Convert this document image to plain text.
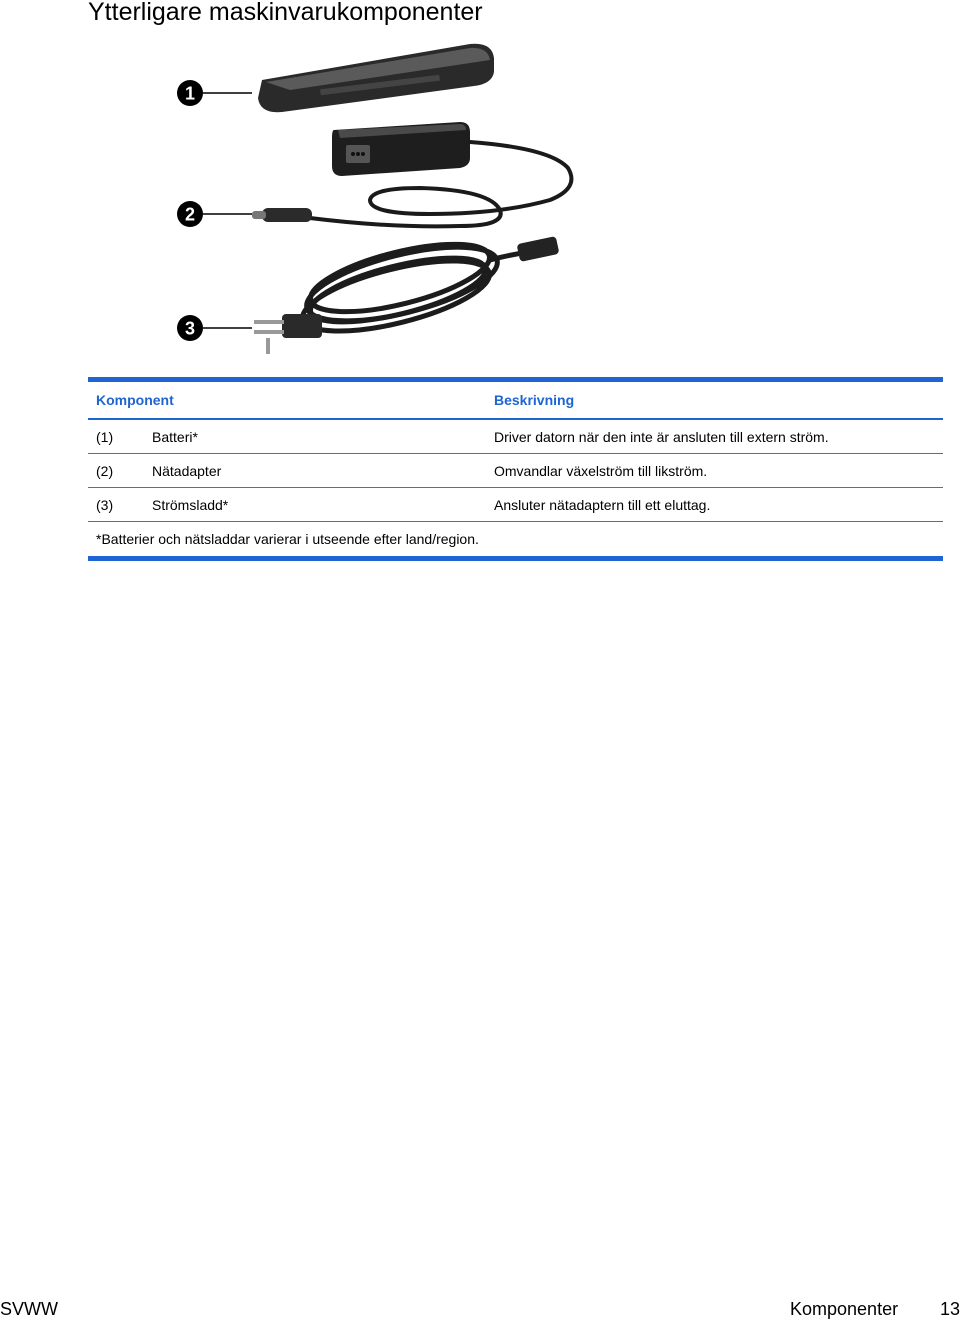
Ytterligare maskinvarukomponenter
1
2
3

Komponent		Beskrivning
(1)	Batteri*	Driver datorn när den inte är ansluten till extern ström.
(2)	Nätadapter	Omvandlar växelström till likström.
(3)	Strömsladd*	Ansluter nätadaptern till ett eluttag.
*Batterier och nätsladdar varierar i utseende efter land/region.		

SVWW	Komponenter 13
